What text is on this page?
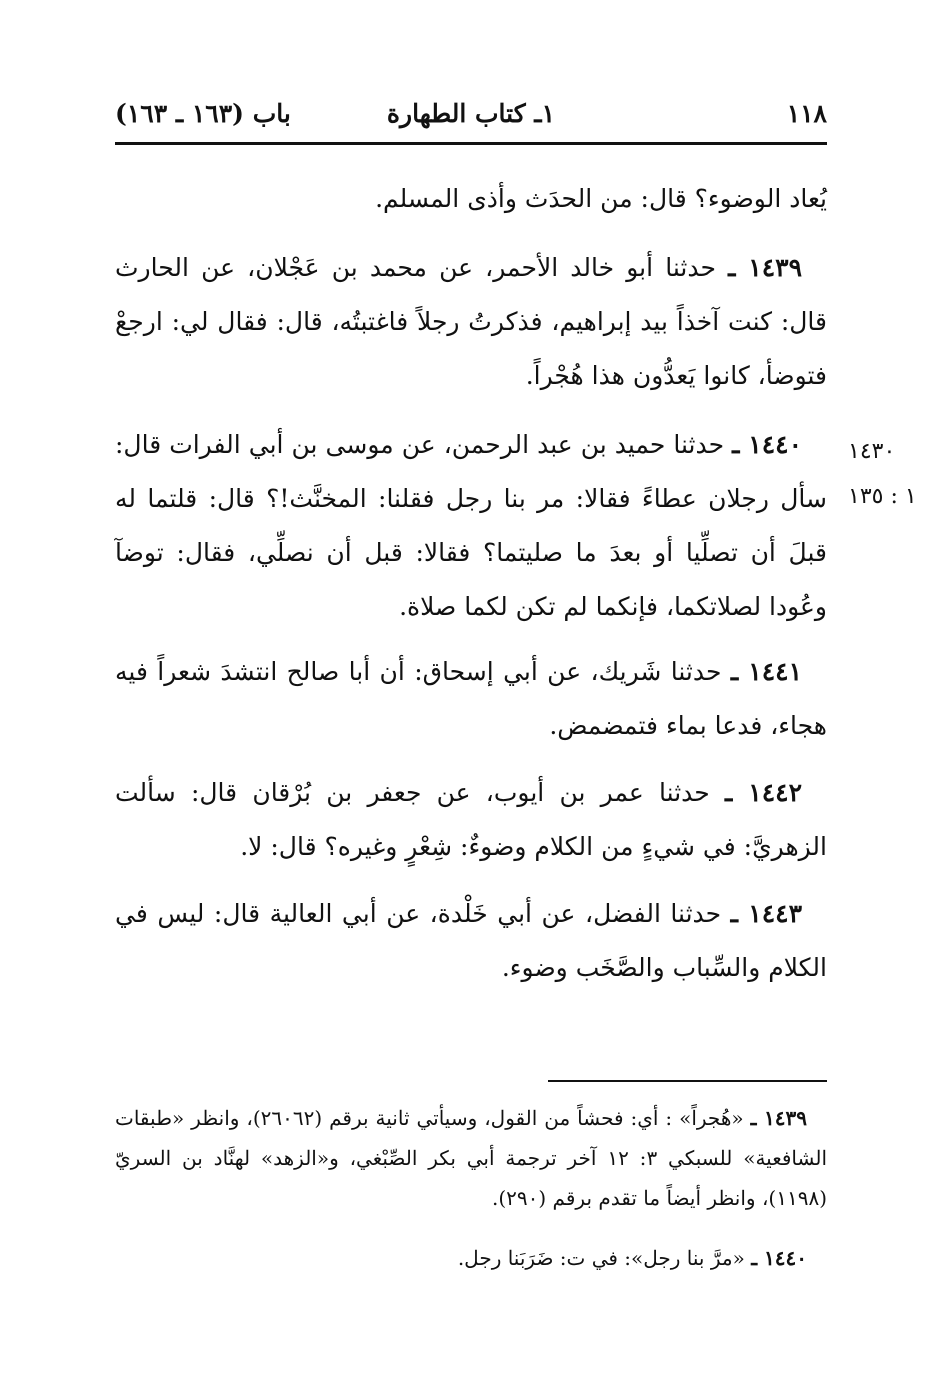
١١٨
١ـ كتاب الطهارة
باب (١٦٣ ـ ١٦٣)

يُعاد الوضوء؟ قال: من الحدَث وأذى المسلم.

 ١٤٣٩ ـ حدثنا أبو خالد الأحمر، عن محمد بن عَجْلان، عن الحارث قال: كنت آخذاً بيد إبراهيم، فذكرتُ رجلاً فاغتبتُه، قال: فقال لي: ارجعْ فتوضأ، كانوا يَعدُّون هذا هُجْراً.

١٤٣٠
١ : ١٣٥

 ١٤٤٠ ـ حدثنا حميد بن عبد الرحمن، عن موسى بن أبي الفرات قال: سأل رجلان عطاءً فقالا: مر بنا رجل فقلنا: المخنَّث!؟ قال: قلتما له قبلَ أن تصلِّيا أو بعدَ ما صليتما؟ فقالا: قبل أن نصلِّي، فقال: توضآ وعُودا لصلاتكما، فإنكما لم تكن لكما صلاة.

 ١٤٤١ ـ حدثنا شَريك، عن أبي إسحاق: أن أبا صالح انتشدَ شعراً فيه هجاء، فدعا بماء فتمضمض.

 ١٤٤٢ ـ حدثنا عمر بن أيوب، عن جعفر بن بُرْقان قال: سألت الزهريَّ: في شيءٍ من الكلام وضوءٌ: شِعْرٍ وغيره؟ قال: لا.

 ١٤٤٣ ـ حدثنا الفضل، عن أبي خَلْدة، عن أبي العالية قال: ليس في الكلام والسِّباب والصَّخَب وضوء.

 ١٤٣٩ ـ «هُجراً» : أي: فحشاً من القول، وسيأتي ثانية برقم (٢٦٠٦٢)، وانظر «طبقات الشافعية» للسبكي ٣: ١٢ آخر ترجمة أبي بكر الصِّبْغي، و«الزهد» لهنَّاد بن السريّ (١١٩٨)، وانظر أيضاً ما تقدم برقم (٢٩٠).

 ١٤٤٠ ـ «مرَّ بنا رجل»: في ت: ضَرَبَنا رجل.
